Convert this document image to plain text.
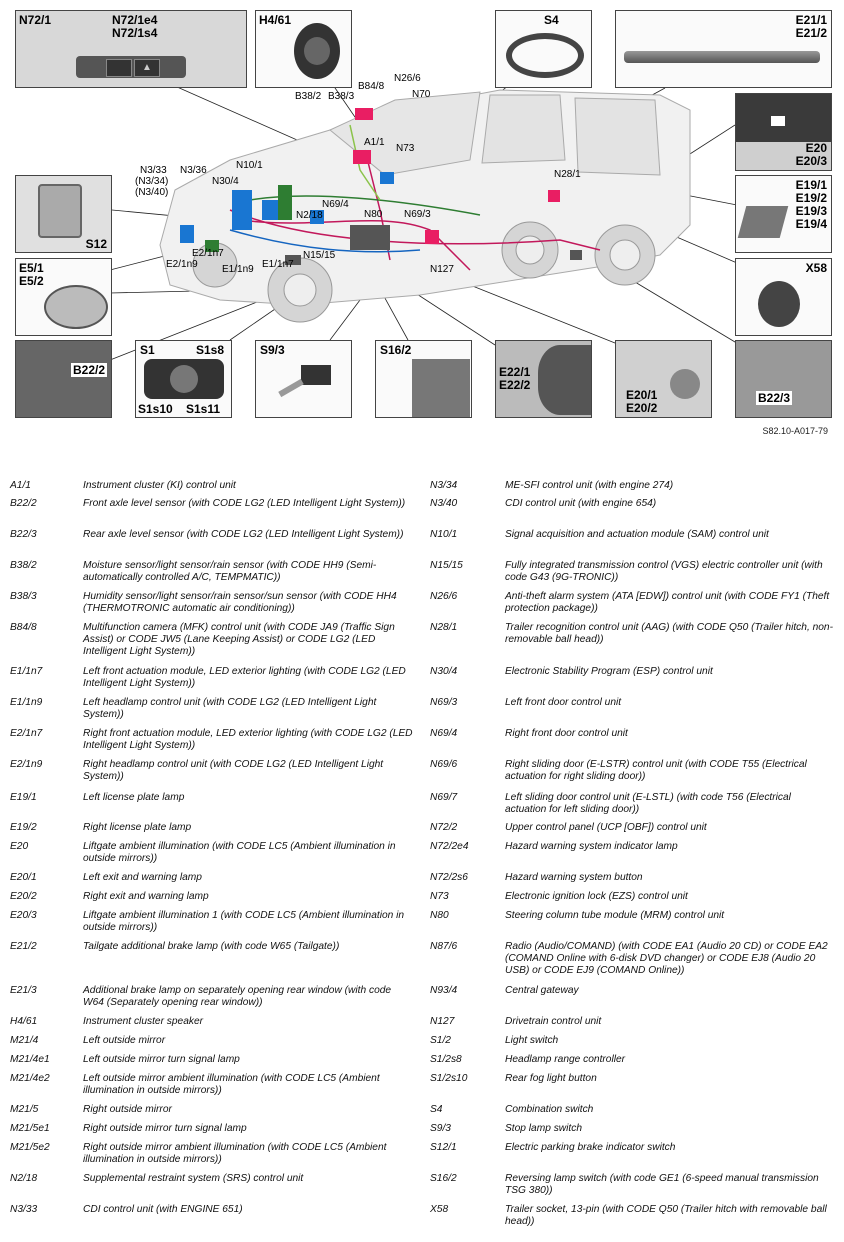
B38/2 B38/3
B84/8
N26/6
N70
A1/1
N73
N28/1
N3/33
(N3/34)
(N3/40)
N3/36
N30/4
N10/1
N69/4
N80 N69/3
N2/18
N127
N15/15
E2/1n7
E2/1n9 E1/1n9 E1/1n7
N72/1	N72/1e4
N72/1s4
▲
H4/61	S4	E21/1
E21/2
E20
E20/3
E19/1
E19/2
E19/3
E19/4
X58
S12
E5/1
E5/2
B22/2
S1	S1s8
S1s10 S1s11
S9/3	S16/2
E22/1
E22/2
E20/1
E20/2
B22/3
S82.10-A017-79
A1/1	Instrument cluster (KI) control unit
B22/2	Front axle level sensor (with CODE LG2 (LED Intelligent Light System))
B22/3	Rear axle level sensor (with CODE LG2 (LED Intelligent Light System))
B38/2	Moisture sensor/light sensor/rain sensor (with CODE HH9 (Semi-automatically controlled A/C, TEMPMATIC))
B38/3	Humidity sensor/light sensor/rain sensor/sun sensor (with CODE HH4 (THERMOTRONIC automatic air conditioning))
B84/8	Multifunction camera (MFK) control unit (with CODE JA9 (Traffic Sign Assist) or CODE JW5 (Lane Keeping Assist) or CODE LG2 (LED Intelligent Light System))
E1/1n7	Left front actuation module, LED exterior lighting (with CODE LG2 (LED Intelligent Light System))
E1/1n9	Left headlamp control unit (with CODE LG2 (LED Intelligent Light System))
E2/1n7	Right front actuation module, LED exterior lighting (with CODE LG2 (LED Intelligent Light System))
E2/1n9	Right headlamp control unit (with CODE LG2 (LED Intelligent Light System))
E19/1	Left license plate lamp
E19/2	Right license plate lamp
E20	Liftgate ambient illumination (with CODE LC5 (Ambient illumination in outside mirrors))
E20/1	Left exit and warning lamp
E20/2	Right exit and warning lamp
E20/3	Liftgate ambient illumination 1 (with CODE LC5 (Ambient illumination in outside mirrors))
E21/2	Tailgate additional brake lamp (with code W65 (Tailgate))
E21/3	Additional brake lamp on separately opening rear window (with code W64 (Separately opening rear window))
H4/61	Instrument cluster speaker
M21/4	Left outside mirror
M21/4e1	Left outside mirror turn signal lamp
M21/4e2	Left outside mirror ambient illumination (with CODE LC5 (Ambient illumination in outside mirrors))
M21/5	Right outside mirror
M21/5e1	Right outside mirror turn signal lamp
M21/5e2	Right outside mirror ambient illumination (with CODE LC5 (Ambient illumination in outside mirrors))
N2/18	Supplemental restraint system (SRS) control unit
N3/33	CDI control unit (with ENGINE 651)
N3/34	ME-SFI control unit (with engine 274)
N3/40	CDI control unit (with engine 654)
N10/1	Signal acquisition and actuation module (SAM) control unit
N15/15	Fully integrated transmission control (VGS) electric controller unit (with code G43 (9G-TRONIC))
N26/6	Anti-theft alarm system (ATA [EDW]) control unit (with CODE FY1 (Theft protection package))
N28/1	Trailer recognition control unit (AAG) (with CODE Q50 (Trailer hitch, non-removable ball head))
N30/4	Electronic Stability Program (ESP) control unit
N69/3	Left front door control unit
N69/4	Right front door control unit
N69/6	Right sliding door (E-LSTR) control unit (with CODE T55 (Electrical actuation for right sliding door))
N69/7	Left sliding door control unit (E-LSTL) (with code T56 (Electrical actuation for left sliding door))
N72/2	Upper control panel (UCP [OBF]) control unit
N72/2e4	Hazard warning system indicator lamp
N72/2s6	Hazard warning system button
N73	Electronic ignition lock (EZS) control unit
N80	Steering column tube module (MRM) control unit
N87/6	Radio (Audio/COMAND) (with CODE EA1 (Audio 20 CD) or CODE EA2 (COMAND Online with 6-disk DVD changer) or CODE EJ8 (Audio 20 USB) or CODE EJ9 (COMAND Online))
N93/4	Central gateway
N127	Drivetrain control unit
S1/2	Light switch
S1/2s8	Headlamp range controller
S1/2s10	Rear fog light button
S4	Combination switch
S9/3	Stop lamp switch
S12/1	Electric parking brake indicator switch
S16/2	Reversing lamp switch (with code GE1 (6-speed manual transmission TSG 380))
X58	Trailer socket, 13-pin (with CODE Q50 (Trailer hitch with removable ball head))
